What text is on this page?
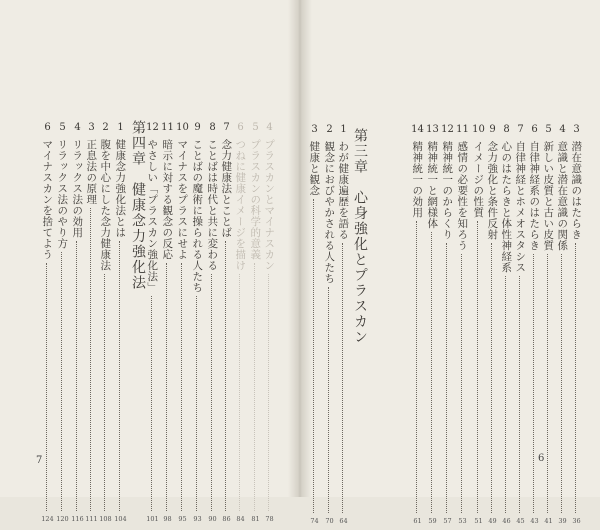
3
潜在意識のはたらき
36
4
意識と潜在意識の関係
39
5
新しい皮質と古い皮質
41
6
自律神経系のはたらき
43
7
自律神経とホメオスタシス
45
8
心のはたらきと体性神経系
46
9
念力強化と条件反射
49
10
イメージの性質
51
11
感情の必要性を知ろう
53
12
精神統一のからくり
57
13
精神統一と網様体
59
14
精神統一の効用
61
1
わが健康遍歴を語る
64
2
観念におびやかされる人たち
70
3
健康と観念
74
4
プラスカンとマイナスカン
78
5
プラスカンの科学的意義
81
6
つねに健康イメージを描け
84
7
念力健康法とことば
86
8
ことばは時代と共に変わる
90
9
ことばの魔術に操られる人たち
93
10
マイナスをプラスにせよ
95
11
暗示に対する観念の反応
98
12
やさしい「プラスカン強化法」
101
1
健康念力強化法とは
104
2
腹を中心にした念力健康法
108
3
正息法の原理
111
4
リラックス法の効用
116
5
リラックス法のやり方
120
6
マイナスカンを捨てよう
124
第三章　心身強化とプラスカン
第四章　健康念力強化法
6
7
